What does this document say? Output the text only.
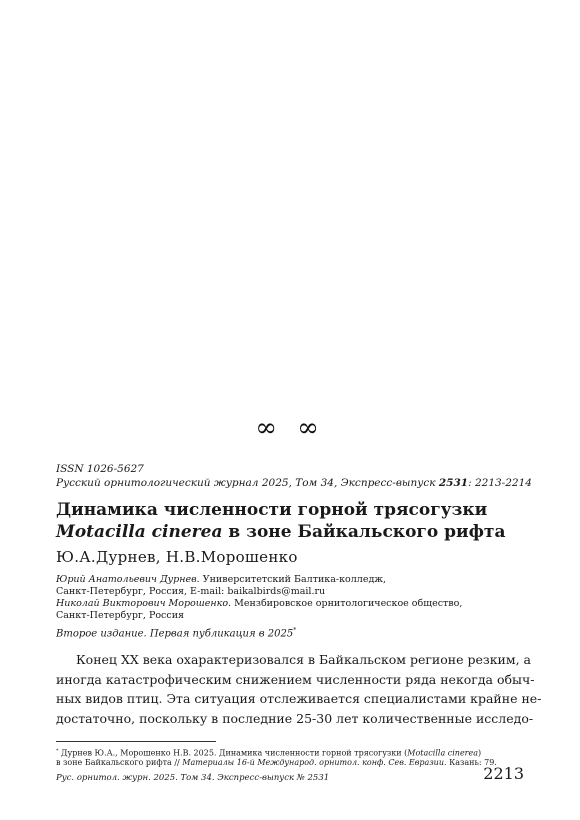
∞ ∞
ISSN 1026-5627
Русский орнитологический журнал 2025, Том 34, Экспресс-выпуск 2531: 2213-2214
Динамика численности горной трясогузки
Motacilla cinerea в зоне Байкальского рифта
Ю.А.Дурнев, Н.В.Морошенко
Юрий Анатольевич Дурнев. Университетский Балтика-колледж,
Санкт-Петербург, Россия, E-mail: baikalbirds@mail.ru
Николай Викторович Морошенко. Мензбировское орнитологическое общество,
Санкт-Петербург, Россия
Второе издание. Первая публикация в 2025*
Конец XX века охарактеризовался в Байкальском регионе резким, а
иногда катастрофическим снижением численности ряда некогда обыч-
ных видов птиц. Эта ситуация отслеживается специалистами крайне не-
достаточно, поскольку в последние 25-30 лет количественные исследо-
* Дурнев Ю.А., Морошенко Н.В. 2025. Динамика численности горной трясогузки (Motacilla cinerea)
в зоне Байкальского рифта // Материалы 16-й Международ. орнитол. конф. Сев. Евразии. Казань: 79.
Рус. орнитол. журн. 2025. Том 34. Экспресс-выпуск № 2531	2213
